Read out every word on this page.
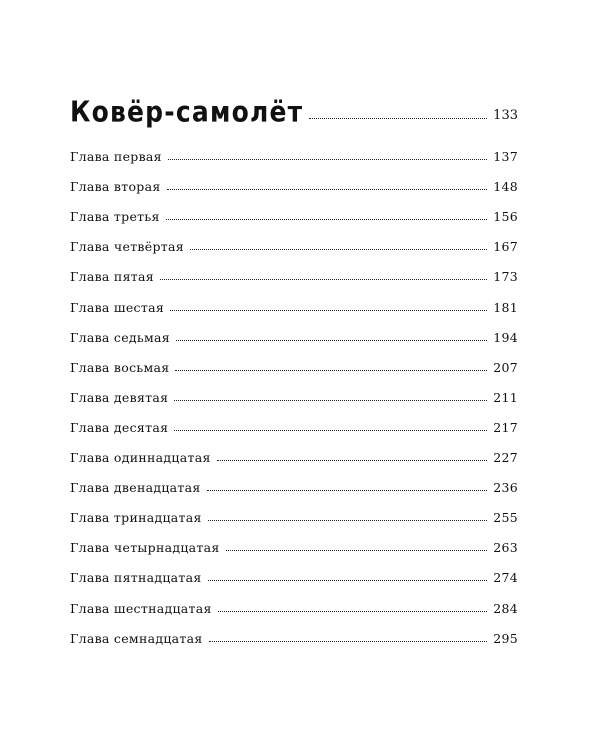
Ковёр-самолёт	133
Глава первая	137
Глава вторая	148
Глава третья	156
Глава четвёртая	167
Глава пятая	173
Глава шестая	181
Глава седьмая	194
Глава восьмая	207
Глава девятая	211
Глава десятая	217
Глава одиннадцатая	227
Глава двенадцатая	236
Глава тринадцатая	255
Глава четырнадцатая	263
Глава пятнадцатая	274
Глава шестнадцатая	284
Глава семнадцатая	295
